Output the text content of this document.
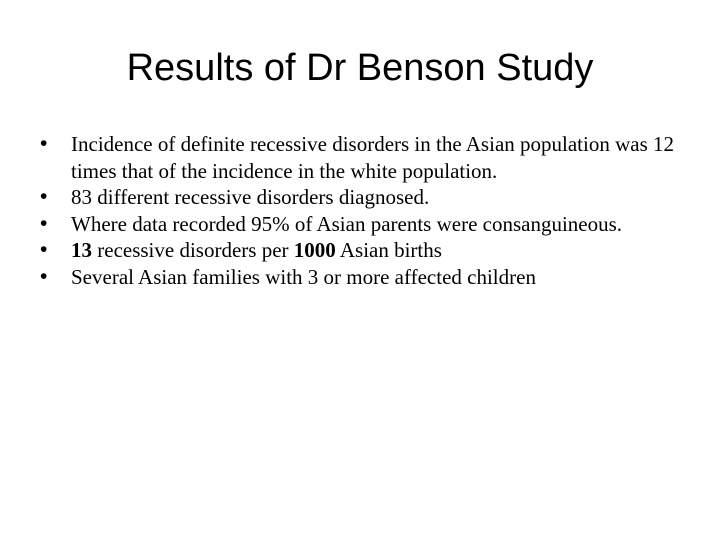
Results of Dr Benson Study
•	Incidence of definite recessive disorders in the Asian population was 12 times that of the incidence in the white population.
•	83 different recessive disorders diagnosed.
•	Where data recorded 95% of Asian parents were consanguineous.
•	13 recessive disorders per 1000 Asian births
•	Several Asian families with 3 or more affected children
